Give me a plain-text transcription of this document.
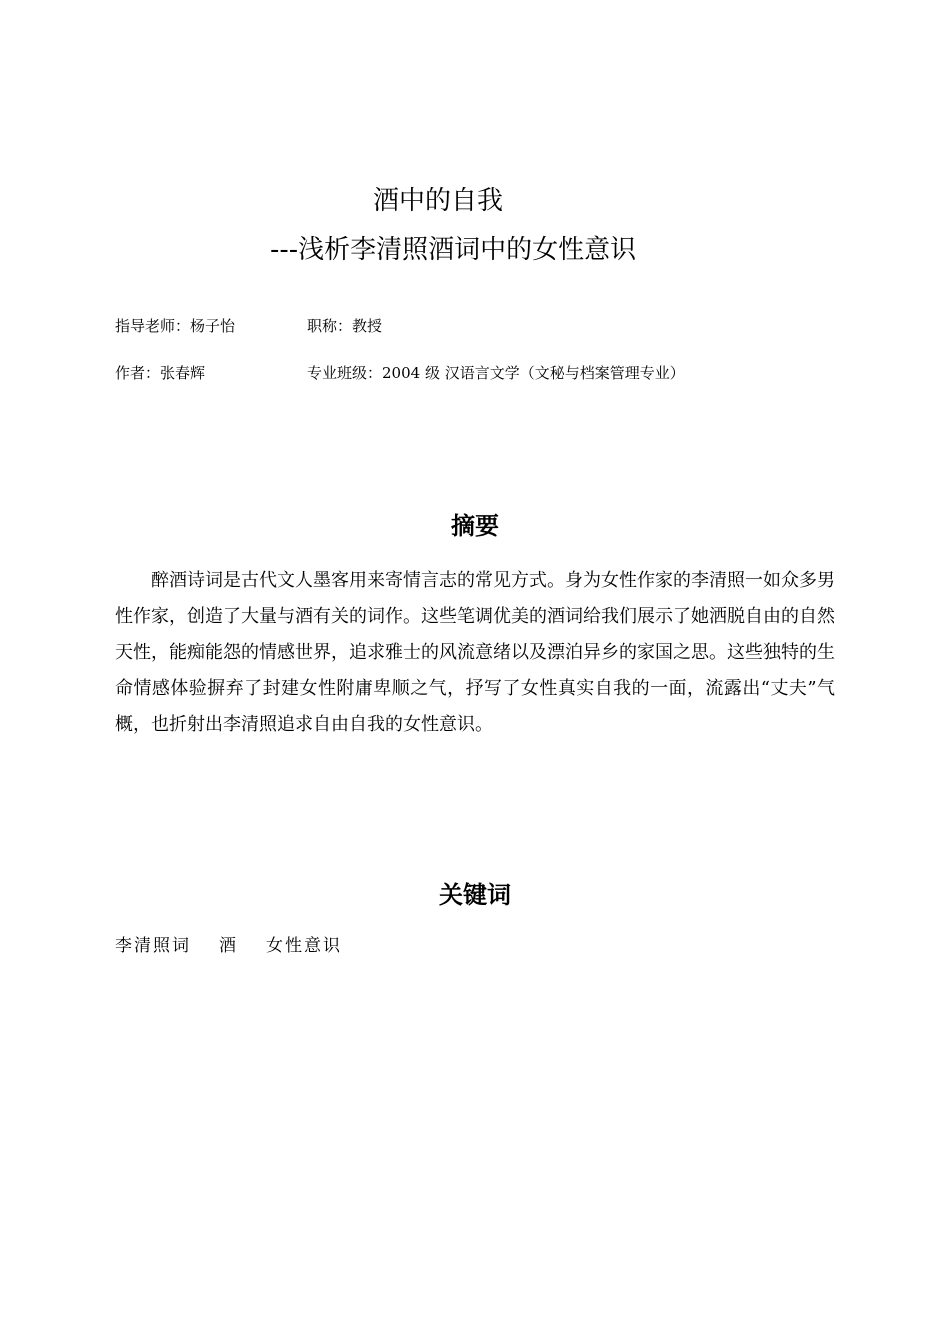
酒中的自我
---浅析李清照酒词中的女性意识
指导老师：杨子怡	职称：教授
作者：张春辉	专业班级：2004 级 汉语言文学（文秘与档案管理专业）
摘要

醉酒诗词是古代文人墨客用来寄情言志的常见方式。身为女性作家的李清照一如众多男性作家，创造了大量与酒有关的词作。这些笔调优美的酒词给我们展示了她洒脱自由的自然天性，能痴能怨的情感世界，追求雅士的风流意绪以及漂泊异乡的家国之思。这些独特的生命情感体验摒弃了封建女性附庸卑顺之气，抒写了女性真实自我的一面，流露出“丈夫”气概，也折射出李清照追求自由自我的女性意识。

关键词
李清照词 酒 女性意识
